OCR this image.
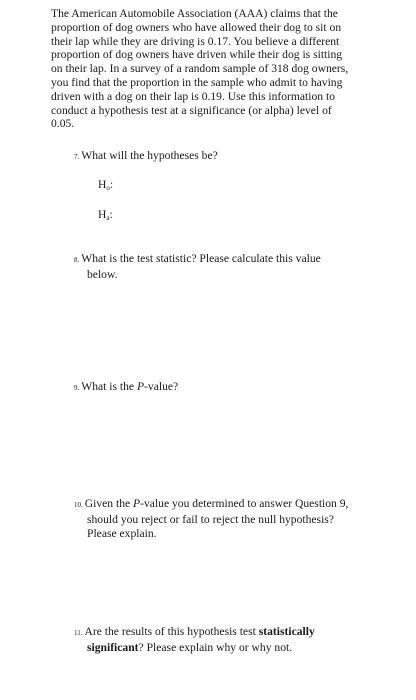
The American Automobile Association (AAA) claims that the
proportion of dog owners who have allowed their dog to sit on
their lap while they are driving is 0.17. You believe a different
proportion of dog owners have driven while their dog is sitting
on their lap. In a survey of a random sample of 318 dog owners,
you find that the proportion in the sample who admit to having
driven with a dog on their lap is 0.19. Use this information to
conduct a hypothesis test at a significance (or alpha) level of
0.05.

7. What will the hypotheses be?
$H_o$:
$H_a$:
8. What is the test statistic? Please calculate this value
below.
9. What is the P-value?
10. Given the P-value you determined to answer Question 9,
should you reject or fail to reject the null hypothesis?
Please explain.
11. Are the results of this hypothesis test statistically
significant? Please explain why or why not.
